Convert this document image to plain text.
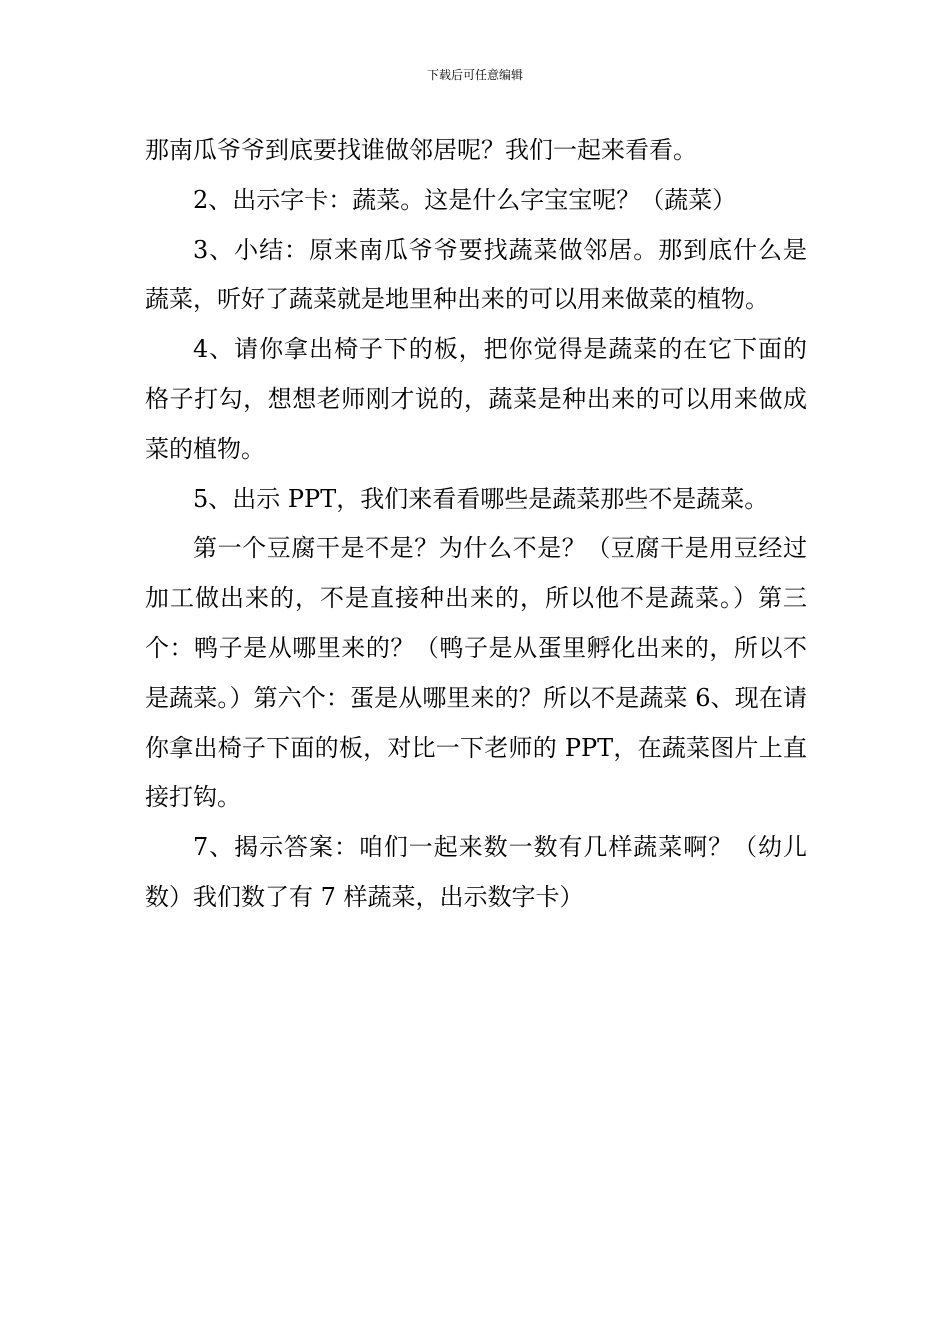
下载后可任意编辑

那南瓜爷爷到底要找谁做邻居呢？我们一起来看看。

2、出示字卡：蔬菜。这是什么字宝宝呢？（蔬菜）

3、小结：原来南瓜爷爷要找蔬菜做邻居。那到底什么是蔬菜，听好了蔬菜就是地里种出来的可以用来做菜的植物。

4、请你拿出椅子下的板，把你觉得是蔬菜的在它下面的格子打勾，想想老师刚才说的，蔬菜是种出来的可以用来做成菜的植物。

5、出示 PPT，我们来看看哪些是蔬菜那些不是蔬菜。

第一个豆腐干是不是？为什么不是？（豆腐干是用豆经过加工做出来的，不是直接种出来的，所以他不是蔬菜。）第三个：鸭子是从哪里来的？（鸭子是从蛋里孵化出来的，所以不是蔬菜。）第六个：蛋是从哪里来的？所以不是蔬菜 6、现在请你拿出椅子下面的板，对比一下老师的 PPT，在蔬菜图片上直接打钩。

7、揭示答案：咱们一起来数一数有几样蔬菜啊？（幼儿数）我们数了有 7 样蔬菜，出示数字卡）
